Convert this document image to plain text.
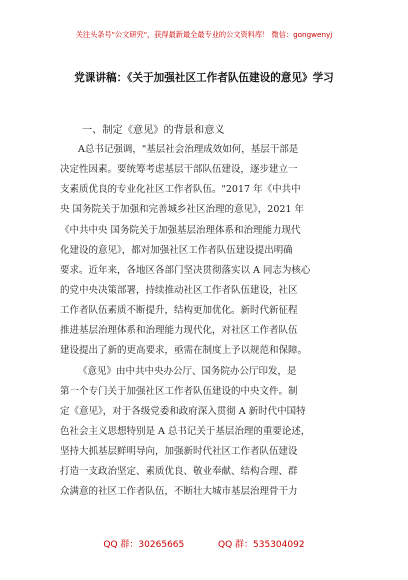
关注头条号"公文研究"，获得最新最全最专业的公文资料库！ 微信：gongwenyj
党课讲稿：《关于加强社区工作者队伍建设的意见》学习
一、制定《意见》的背景和意义
A总书记强调，"基层社会治理成效如何，基层干部是
决定性因素。要统筹考虑基层干部队伍建设，逐步建立一
支素质优良的专业化社区工作者队伍。"2017 年《中共中
央 国务院关于加强和完善城乡社区治理的意见》，2021 年
《中共中央 国务院关于加强基层治理体系和治理能力现代
化建设的意见》，都对加强社区工作者队伍建设提出明确
要求。近年来，各地区各部门坚决贯彻落实以 A 同志为核心
的党中央决策部署，持续推动社区工作者队伍建设，社区
工作者队伍素质不断提升，结构更加优化。新时代新征程
推进基层治理体系和治理能力现代化，对社区工作者队伍
建设提出了新的更高要求，亟需在制度上予以规范和保障。
《意见》由中共中央办公厅、国务院办公厅印发，是
第一个专门关于加强社区工作者队伍建设的中央文件。制
定《意见》，对于各级党委和政府深入贯彻 A 新时代中国特
色社会主义思想特别是 A 总书记关于基层治理的重要论述，
坚持大抓基层鲜明导向，加强新时代社区工作者队伍建设
打造一支政治坚定、素质优良、敬业奉献、结构合理、群
众满意的社区工作者队伍，不断壮大城市基层治理骨干力
QQ 群：30265665	QQ 群：535304092
